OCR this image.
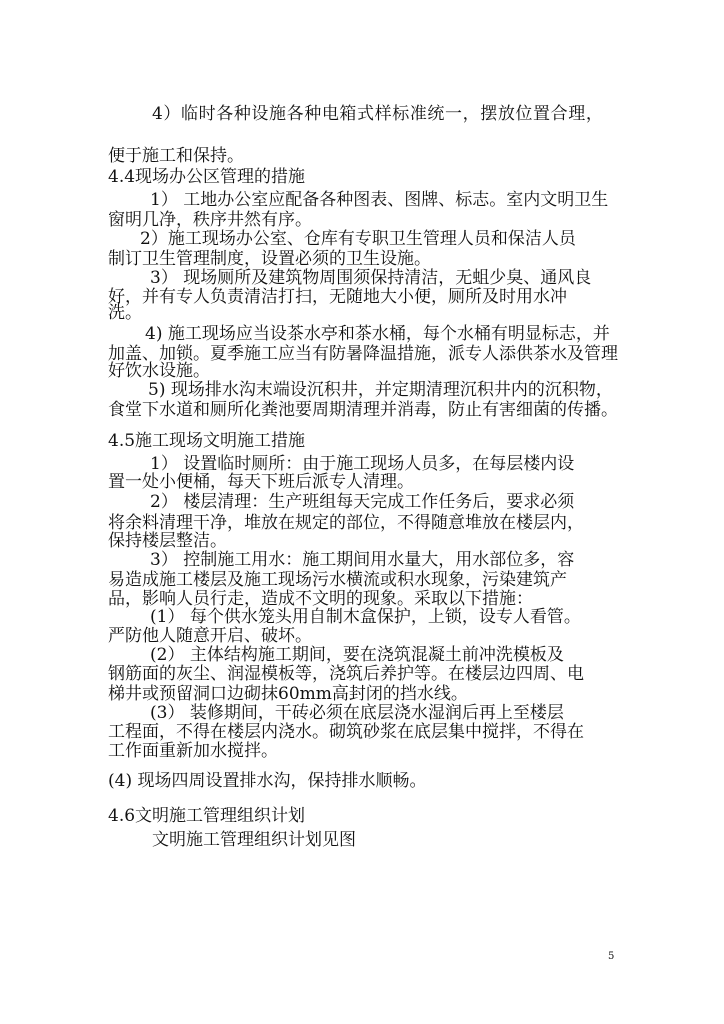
4）临时各种设施各种电箱式样标准统一，摆放位置合理，

便于施工和保持。

4.4现场办公区管理的措施

1） 工地办公室应配备各种图表、图牌、标志。室内文明卫生

窗明几净，秩序井然有序。

2）施工现场办公室、仓库有专职卫生管理人员和保洁人员

制订卫生管理制度，设置必须的卫生设施。

3） 现场厕所及建筑物周围须保持清洁，无蛆少臭、通风良

好，并有专人负责清洁打扫，无随地大小便，厕所及时用水冲

洗。

4) 施工现场应当设茶水亭和茶水桶，每个水桶有明显标志，并

加盖、加锁。夏季施工应当有防暑降温措施，派专人添供茶水及管理

好饮水设施。

5) 现场排水沟末端设沉积井，并定期清理沉积井内的沉积物，

食堂下水道和厕所化粪池要周期清理并消毒，防止有害细菌的传播。

4.5施工现场文明施工措施

1） 设置临时厕所：由于施工现场人员多，在每层楼内设

置一处小便桶，每天下班后派专人清理。

2） 楼层清理：生产班组每天完成工作任务后，要求必须

将余料清理干净，堆放在规定的部位，不得随意堆放在楼层内，

保持楼层整洁。

3） 控制施工用水：施工期间用水量大，用水部位多，容

易造成施工楼层及施工现场污水横流或积水现象，污染建筑产

品，影响人员行走，造成不文明的现象。采取以下措施：

(1） 每个供水笼头用自制木盒保护，上锁，设专人看管。

严防他人随意开启、破坏。

(2） 主体结构施工期间，要在浇筑混凝土前冲洗模板及

钢筋面的灰尘、润湿模板等，浇筑后养护等。在楼层边四周、电

梯井或预留洞口边砌抹60mm高封闭的挡水线。

(3） 装修期间，干砖必须在底层浇水湿润后再上至楼层

工程面，不得在楼层内浇水。砌筑砂浆在底层集中搅拌，不得在

工作面重新加水搅拌。

(4) 现场四周设置排水沟，保持排水顺畅。

4.6文明施工管理组织计划

文明施工管理组织计划见图

5
